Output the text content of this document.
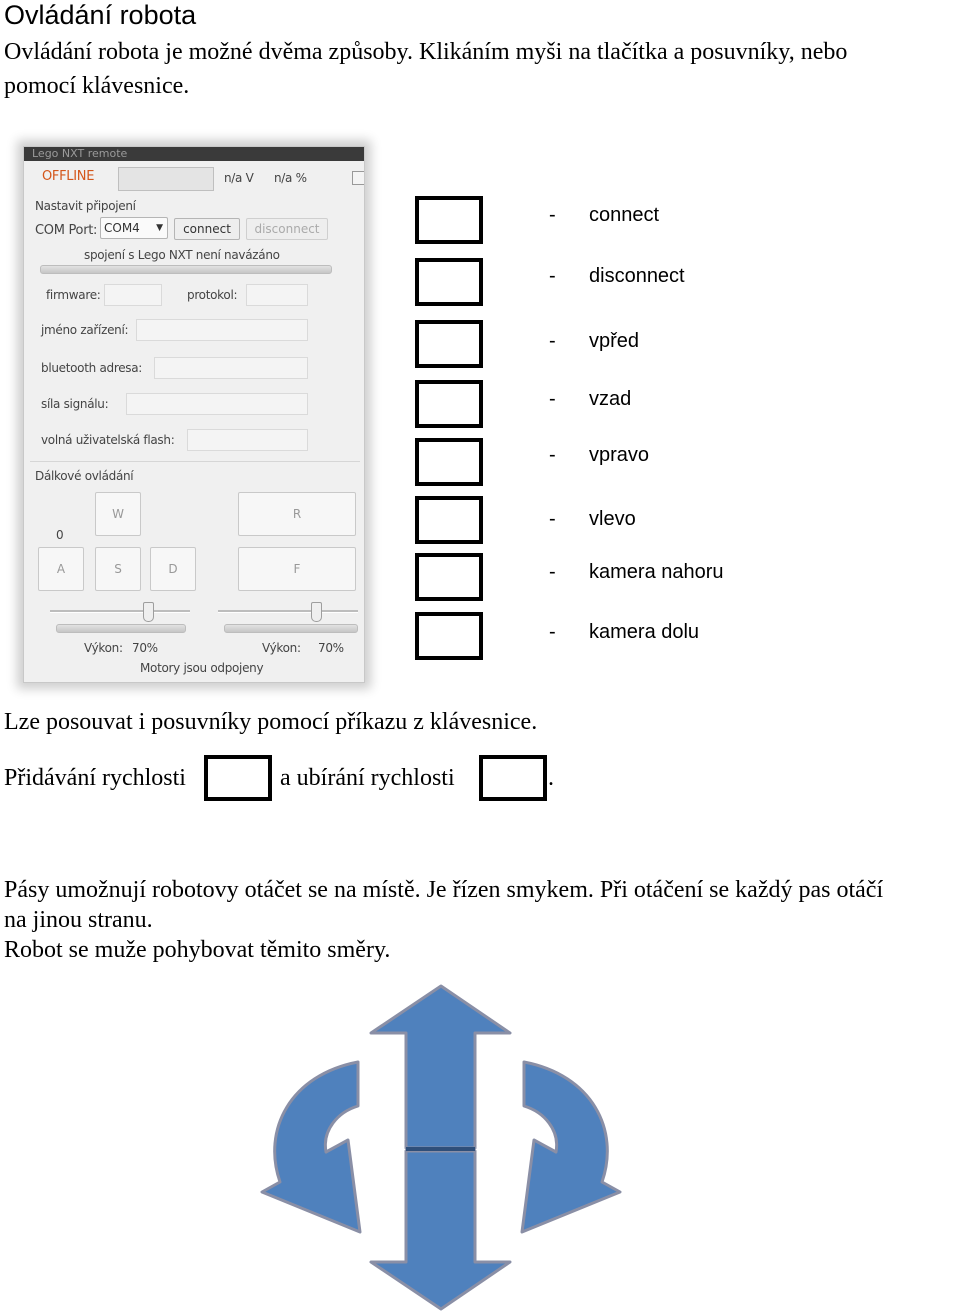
Ovládání robota
Ovládání robota je možné dvěma způsoby. Klikáním myši na tlačítka a posuvníky, nebo
pomocí klávesnice.
Lego NXT remote
OFFLINE	n/a V n/a %
Nastavit připojení
COM Port: COM4 ▼	connect	disconnect
spojení s Lego NXT není navázáno
firmware:	protokol:
jméno zařízení:
bluetooth adresa:
síla signálu:
volná uživatelská flash:
Dálkové ovládání
0
W
A	S	D
R
F
Výkon: 70%	Výkon: 70%
Motory jsou odpojeny
- connect
- disconnect
- vpřed
- vzad
- vpravo
- vlevo
- kamera nahoru
- kamera dolu
Lze posouvat i posuvníky pomocí příkazu z klávesnice.
Přidávání rychlosti	a ubírání rychlosti	.
Pásy umožnují robotovy otáčet se na místě. Je řízen smykem. Při otáčení se každý pas otáčí
na jinou stranu.
Robot se muže pohybovat těmito směry.
